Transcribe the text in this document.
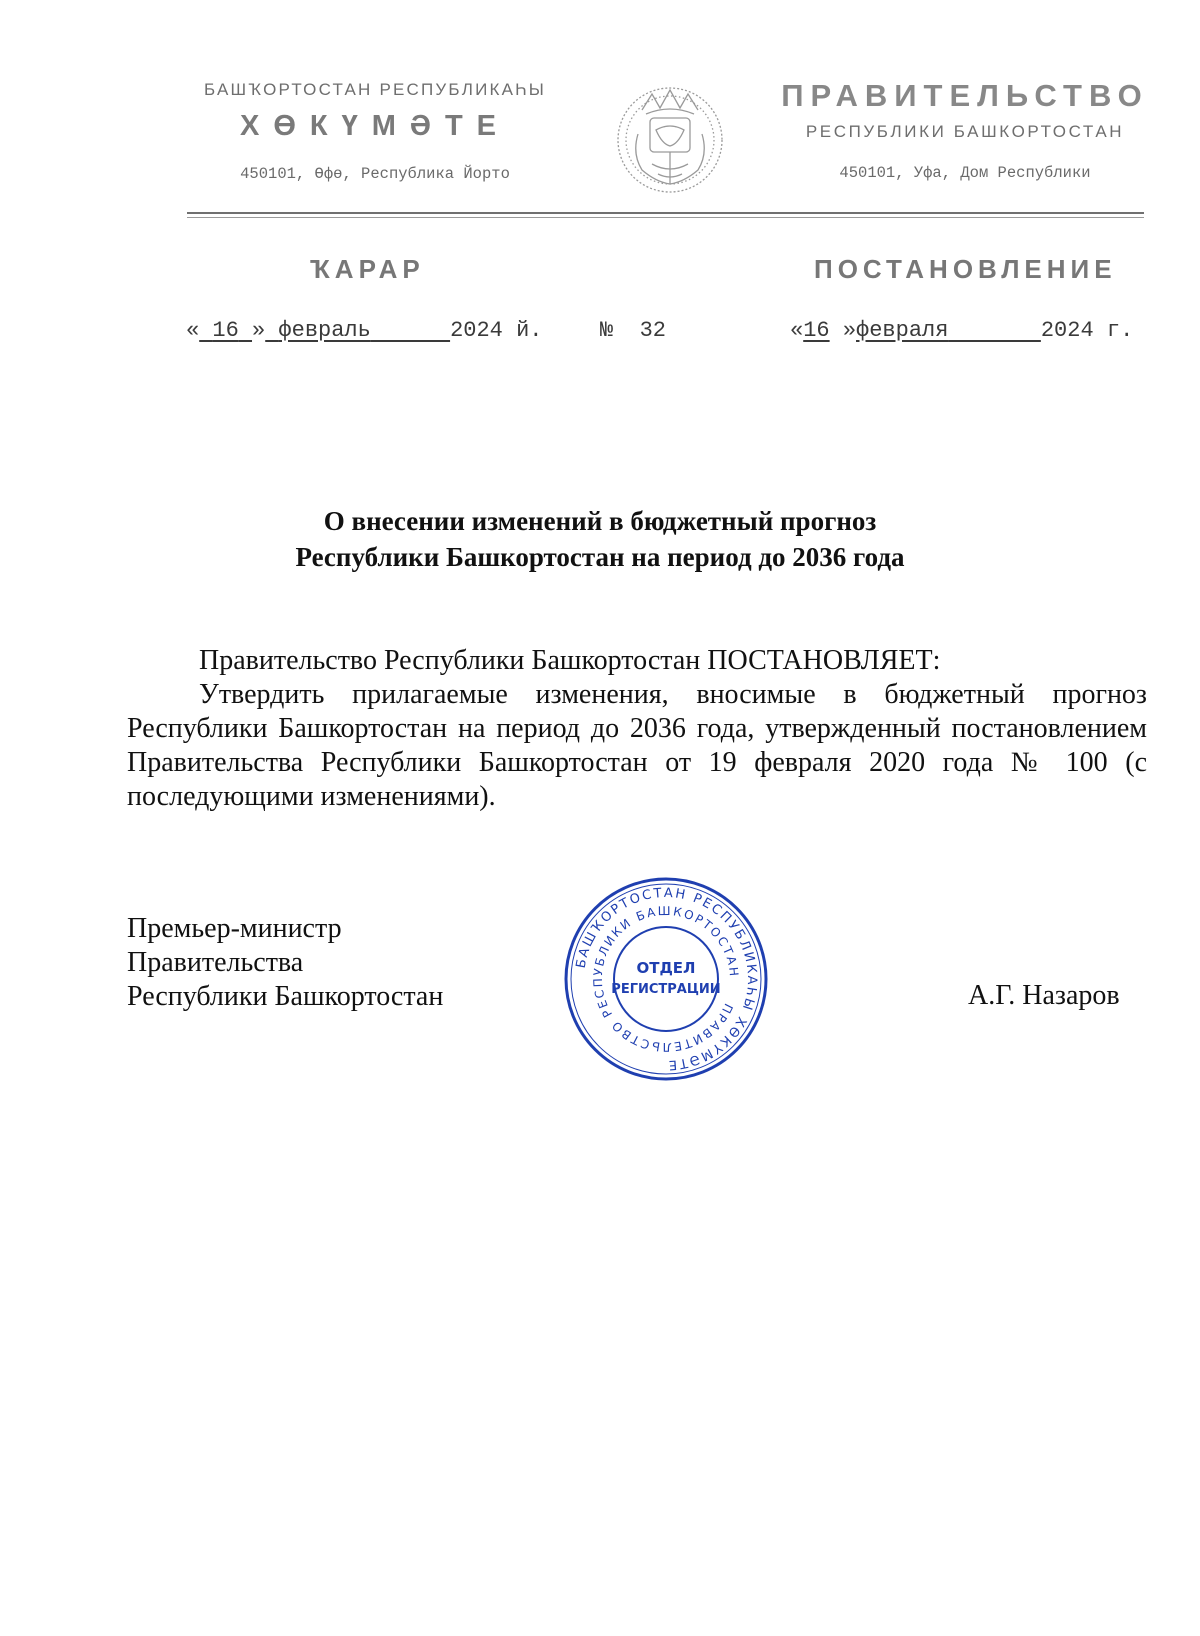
БАШҠОРТОСТАН РЕСПУБЛИКАҺЫ
ХӨКҮМӘТЕ
450101, Өфө, Республика Йорто
ПРАВИТЕЛЬСТВО
РЕСПУБЛИКИ БАШКОРТОСТАН
450101, Уфа, Дом Республики
ҠАРАР	ПОСТАНОВЛЕНИЕ
« 16 » февраль	2024 й.	№ 32	«16 »февраля	2024 г.
О внесении изменений в бюджетный прогноз
Республики Башкортостан на период до 2036 года

Правительство Республики Башкортостан ПОСТАНОВЛЯЕТ:

Утвердить прилагаемые изменения, вносимые в бюджетный прогноз Республики Башкортостан на период до 2036 года, утвержденный постановлением Правительства Республики Башкортостан от 19 февраля 2020 года № 100 (с последующими изменениями).

Премьер-министр
Правительства
Республики Башкортостан
БАШҠОРТОСТАН РЕСПУБЛИКАҺЫ ХӨКҮМӘТЕ
ПРАВИТЕЛЬСТВО РЕСПУБЛИКИ БАШКОРТОСТАН
ОТДЕЛ
РЕГИСТРАЦИИ	А.Г. Назаров
